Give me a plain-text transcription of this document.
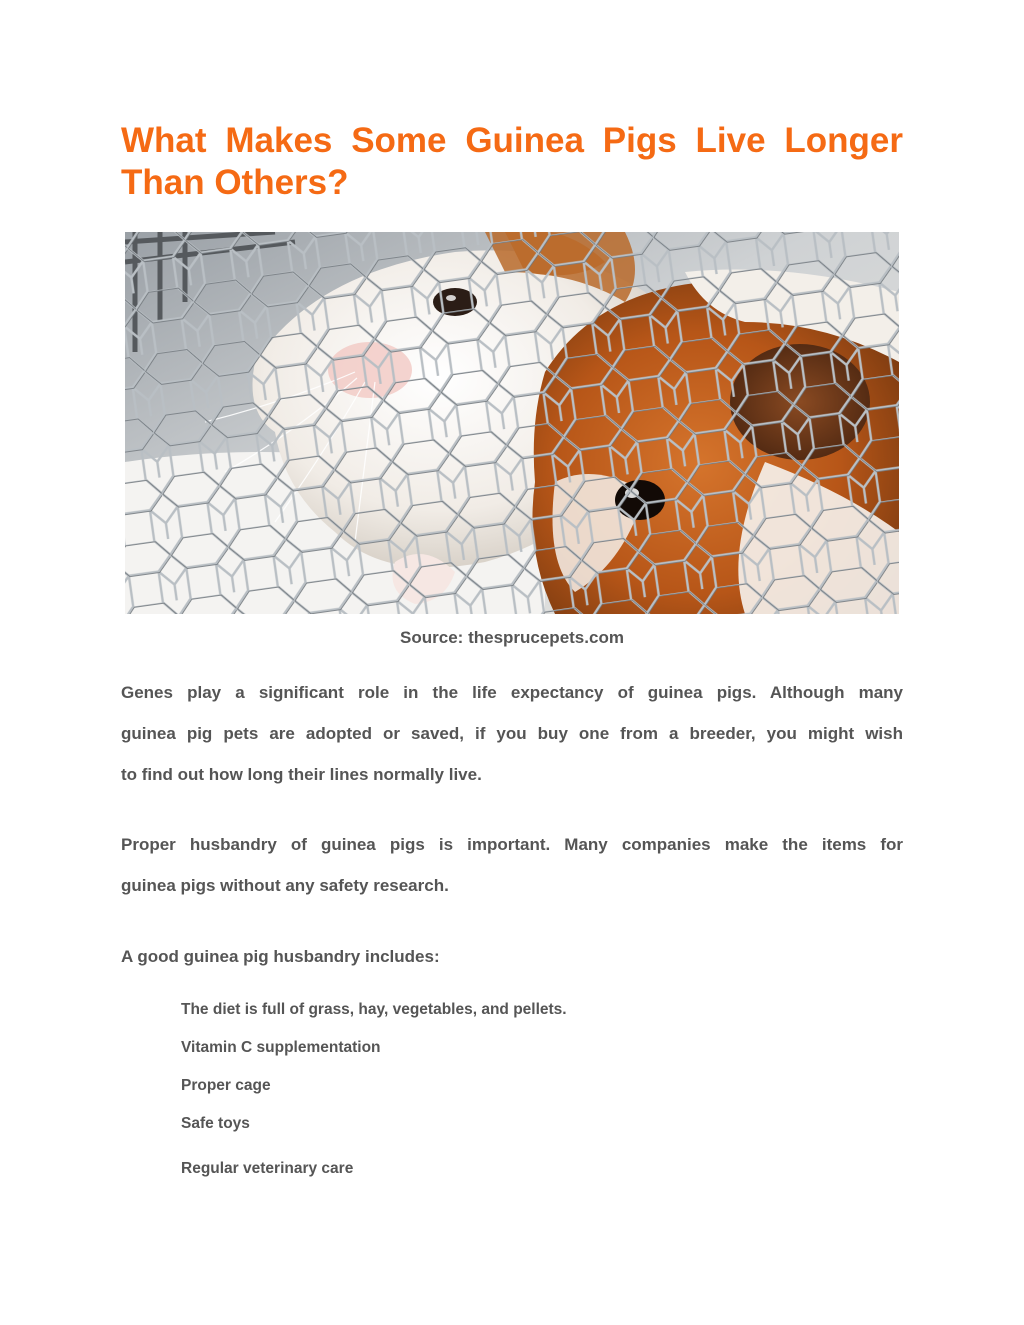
What Makes Some Guinea Pigs Live Longer
Than Others?
Source: thesprucepets.com

Genes play a significant role in the life expectancy of guinea pigs. Although many
guinea pig pets are adopted or saved, if you buy one from a breeder, you might wish
to find out how long their lines normally live.

Proper husbandry of guinea pigs is important. Many companies make the items for
guinea pigs without any safety research.

A good guinea pig husbandry includes:

The diet is full of grass, hay, vegetables, and pellets.
Vitamin C supplementation
Proper cage
Safe toys
Regular veterinary care
